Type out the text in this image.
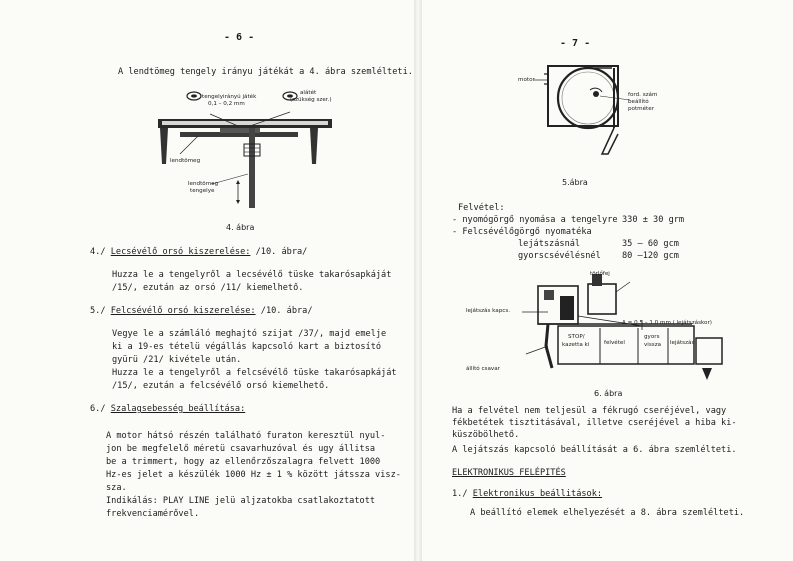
- 6 -
A lendtömeg tengely irányu játékát a 4. ábra szemlélteti.
tengelyirányú játék
0,1 – 0,2 mm
alátét
(szükség szer.)
lendtömeg
lendtömeg
tengelye
4. ábra
4./ Lecsévélő orsó kiszerelése: /10. ábra/
Huzza le a tengelyről a lecsévélő tüske takarósapkáját
/15/, ezután az orsó /11/ kiemelhető.
5./ Felcsévélő orsó kiszerelése: /10. ábra/
Vegye le a számláló meghajtó szijat /37/, majd emelje
ki a 19-es tételü végállás kapcsoló kart a biztosító
gyürü /21/ kivétele után.
Huzza le a tengelyről a felcsévélő tüske takarósapkáját
/15/, ezután a felcsévélő orsó kiemelhető.
6./ Szalagsebesség beállítása:
A motor hátsó részén található furaton keresztül nyul-
jon be megfelelő méretü csavarhuzóval és ugy állitsa
be a trimmert, hogy az ellenőrzőszalagra felvett 1000
Hz-es jelet a készülék 1000 Hz ± 1 % között játssza visz-
sza.
Indikálás: PLAY LINE jelü aljzatokba csatlakoztatott
frekvenciamérővel.
- 7 -
motor
ford. szám
beállító
potméter
5.ábra
Felvétel:
- nyomógörgő nyomása a tengelyre 330 ± 30 grm
- Felcsévélőgörgő nyomatéka
lejátszásnál	35 – 60 gcm
gyorscsévélésnél 80 –120 gcm
törlőfej
lejátszás kapcs.
A = 0,5 – 1,0 mm ( lejátszáskor)
állító csavar
STOP/
kazetta ki	felvétel
gyors
vissza lejátszás
6. ábra
Ha a felvétel nem teljesül a fékrugó cseréjével, vagy
fékbetétek tisztitásával, illetve cseréjével a hiba ki-
küszöbölhető.
A lejátszás kapcsoló beállítását a 6. ábra szemlélteti.
ELEKTRONIKUS FELÉPITÉS
1./ Elektronikus beállitások:
A beállító elemek elhelyezését a 8. ábra szemlélteti.
